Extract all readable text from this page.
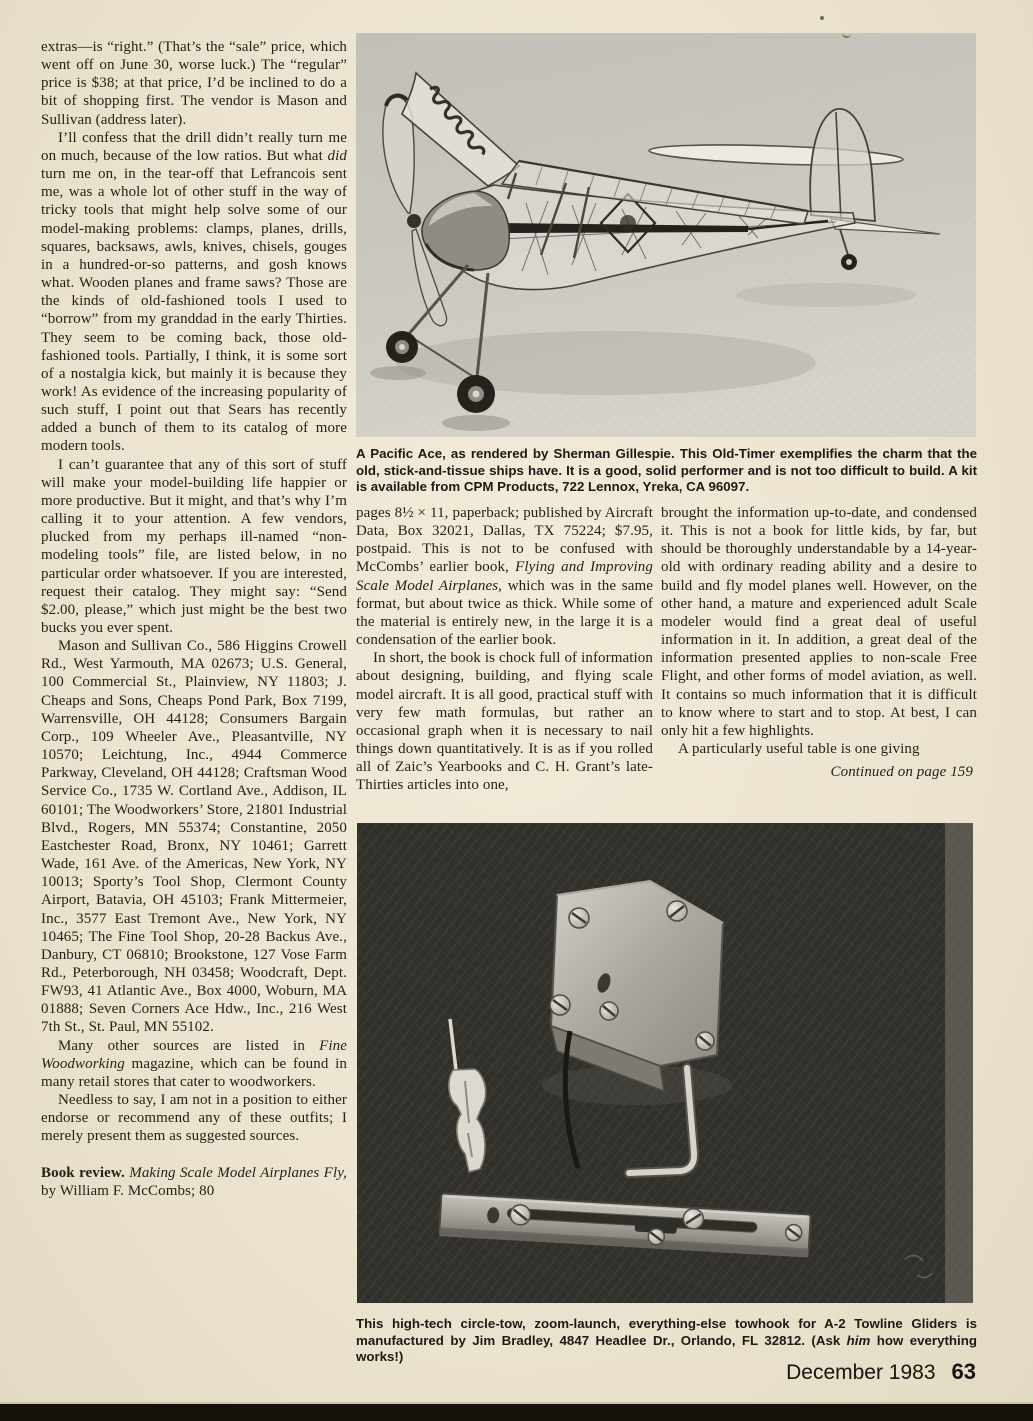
extras—is “right.” (That’s the “sale” price, which went off on June 30, worse luck.) The “regular” price is $38; at that price, I’d be inclined to do a bit of shopping first. The vendor is Mason and Sullivan (address later).

I’ll confess that the drill didn’t really turn me on much, because of the low ratios. But what did turn me on, in the tear-off that Lefrancois sent me, was a whole lot of other stuff in the way of tricky tools that might help solve some of our model-making problems: clamps, planes, drills, squares, backsaws, awls, knives, chisels, gouges in a hundred-or-so patterns, and gosh knows what. Wooden planes and frame saws? Those are the kinds of old-fashioned tools I used to “borrow” from my granddad in the early Thirties. They seem to be coming back, those old-fashioned tools. Partially, I think, it is some sort of a nostalgia kick, but mainly it is because they work! As evidence of the increasing popularity of such stuff, I point out that Sears has recently added a bunch of them to its catalog of more modern tools.

I can’t guarantee that any of this sort of stuff will make your model-building life happier or more productive. But it might, and that’s why I’m calling it to your attention. A few vendors, plucked from my perhaps ill-named “non-modeling tools” file, are listed below, in no particular order whatsoever. If you are interested, request their catalog. They might say: “Send $2.00, please,” which just might be the best two bucks you ever spent.

Mason and Sullivan Co., 586 Higgins Crowell Rd., West Yarmouth, MA 02673; U.S. General, 100 Commercial St., Plainview, NY 11803; J. Cheaps and Sons, Cheaps Pond Park, Box 7199, Warrensville, OH 44128; Consumers Bargain Corp., 109 Wheeler Ave., Pleasantville, NY 10570; Leichtung, Inc., 4944 Commerce Parkway, Cleveland, OH 44128; Craftsman Wood Service Co., 1735 W. Cortland Ave., Addison, IL 60101; The Woodworkers’ Store, 21801 Industrial Blvd., Rogers, MN 55374; Constantine, 2050 Eastchester Road, Bronx, NY 10461; Garrett Wade, 161 Ave. of the Americas, New York, NY 10013; Sporty’s Tool Shop, Clermont County Airport, Batavia, OH 45103; Frank Mittermeier, Inc., 3577 East Tremont Ave., New York, NY 10465; The Fine Tool Shop, 20-28 Backus Ave., Danbury, CT 06810; Brookstone, 127 Vose Farm Rd., Peterborough, NH 03458; Woodcraft, Dept. FW93, 41 Atlantic Ave., Box 4000, Woburn, MA 01888; Seven Corners Ace Hdw., Inc., 216 West 7th St., St. Paul, MN 55102.

Many other sources are listed in Fine Woodworking magazine, which can be found in many retail stores that cater to woodworkers.

Needless to say, I am not in a position to either endorse or recommend any of these outfits; I merely present them as suggested sources.

Book review. Making Scale Model Airplanes Fly, by William F. McCombs; 80

A Pacific Ace, as rendered by Sherman Gillespie. This Old-Timer exemplifies the charm that the old, stick-and-tissue ships have. It is a good, solid performer and is not too difficult to build. A kit is available from CPM Products, 722 Lennox, Yreka, CA 96097.

pages 8½ × 11, paperback; published by Aircraft Data, Box 32021, Dallas, TX 75224; $7.95, postpaid. This is not to be confused with McCombs’ earlier book, Flying and Improving Scale Model Airplanes, which was in the same format, but about twice as thick. While some of the material is entirely new, in the large it is a condensation of the earlier book.

In short, the book is chock full of information about designing, building, and flying scale model aircraft. It is all good, practical stuff with very few math formulas, but rather an occasional graph when it is necessary to nail things down quantitatively. It is as if you rolled all of Zaic’s Yearbooks and C. H. Grant’s late-Thirties articles into one,

brought the information up-to-date, and condensed it. This is not a book for little kids, by far, but should be thoroughly understandable by a 14-year-old with ordinary reading ability and a desire to build and fly model planes well. However, on the other hand, a mature and experienced adult Scale modeler would find a great deal of useful information in it. In addition, a great deal of the information presented applies to non-scale Free Flight, and other forms of model aviation, as well. It contains so much information that it is difficult to know where to start and to stop. At best, I can only hit a few highlights.

A particularly useful table is one giving

Continued on page 159

This high-tech circle-tow, zoom-launch, everything-else towhook for A-2 Towline Gliders is manufactured by Jim Bradley, 4847 Headlee Dr., Orlando, FL 32812. (Ask him how everything works!)
December 1983 63
